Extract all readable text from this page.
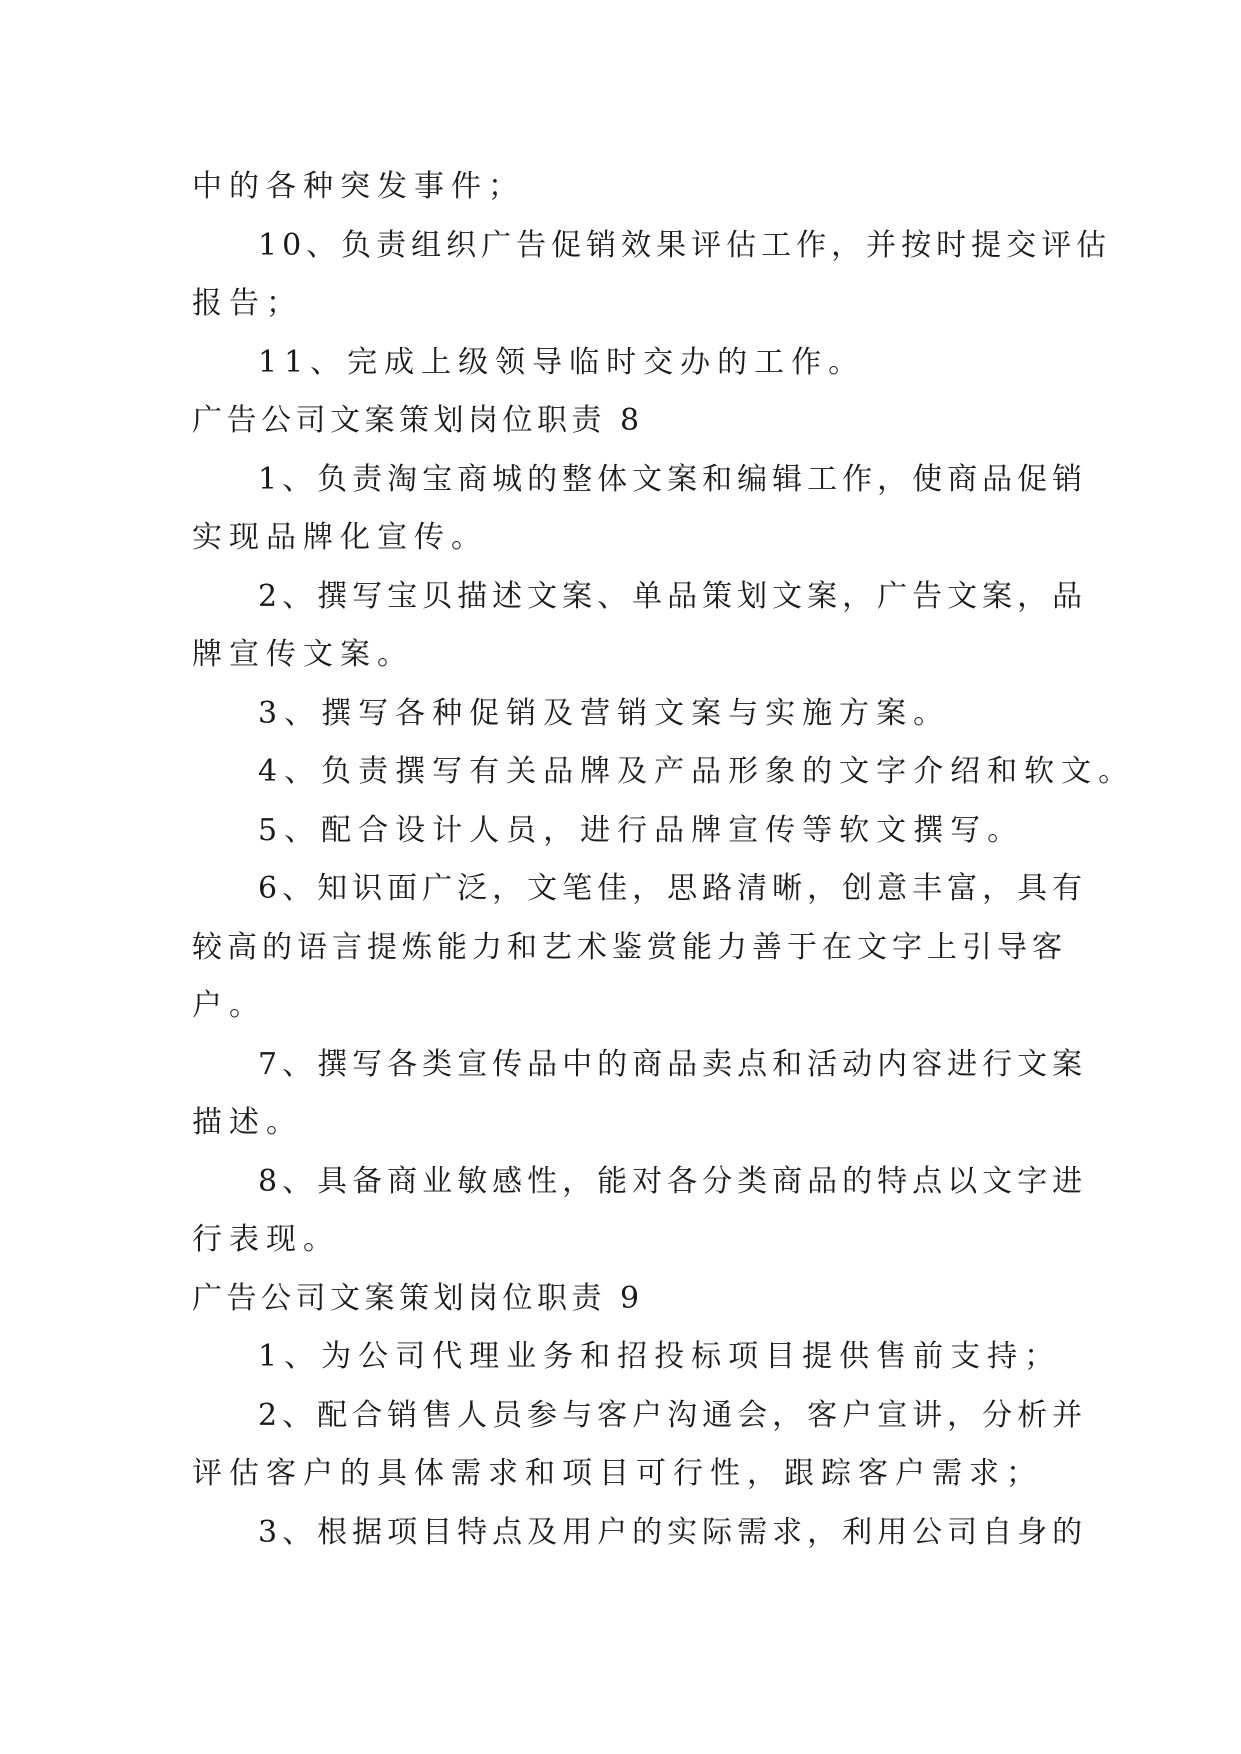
中的各种突发事件；
10、负责组织广告促销效果评估工作，并按时提交评估
报告；
11、完成上级领导临时交办的工作。
广告公司文案策划岗位职责 8
1、负责淘宝商城的整体文案和编辑工作，使商品促销
实现品牌化宣传。
2、撰写宝贝描述文案、单品策划文案，广告文案，品
牌宣传文案。
3、撰写各种促销及营销文案与实施方案。
4、负责撰写有关品牌及产品形象的文字介绍和软文。
5、配合设计人员，进行品牌宣传等软文撰写。
6、知识面广泛，文笔佳，思路清晰，创意丰富，具有
较高的语言提炼能力和艺术鉴赏能力善于在文字上引导客
户。
7、撰写各类宣传品中的商品卖点和活动内容进行文案
描述。
8、具备商业敏感性，能对各分类商品的特点以文字进
行表现。
广告公司文案策划岗位职责 9
1、为公司代理业务和招投标项目提供售前支持；
2、配合销售人员参与客户沟通会，客户宣讲，分析并
评估客户的具体需求和项目可行性，跟踪客户需求；
3、根据项目特点及用户的实际需求，利用公司自身的
